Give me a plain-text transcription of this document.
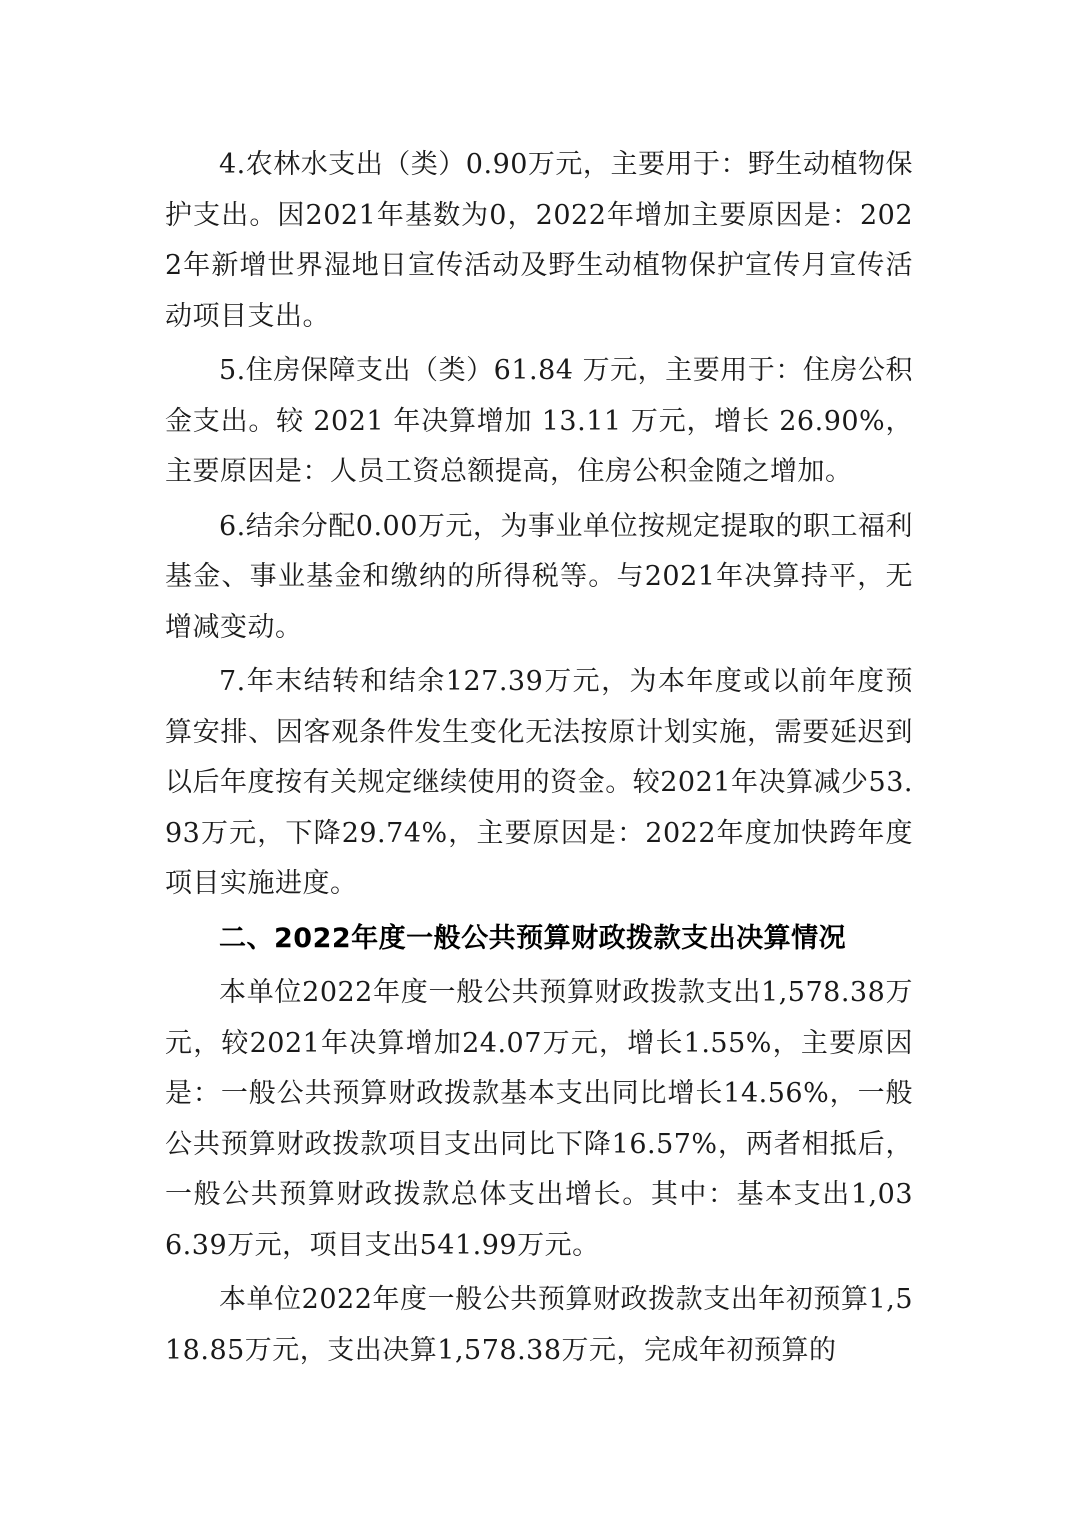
4.农林水支出（类）0.90万元，主要用于：野生动植物保护支出。因2021年基数为0，2022年增加主要原因是：2022年新增世界湿地日宣传活动及野生动植物保护宣传月宣传活动项目支出。

5.住房保障支出（类）61.84 万元，主要用于：住房公积金支出。较 2021 年决算增加 13.11 万元，增长 26.90%，主要原因是：人员工资总额提高，住房公积金随之增加。

6.结余分配0.00万元，为事业单位按规定提取的职工福利基金、事业基金和缴纳的所得税等。与2021年决算持平，无增减变动。

7.年末结转和结余127.39万元，为本年度或以前年度预算安排、因客观条件发生变化无法按原计划实施，需要延迟到以后年度按有关规定继续使用的资金。较2021年决算减少53.93万元，下降29.74%，主要原因是：2022年度加快跨年度项目实施进度。

二、2022年度一般公共预算财政拨款支出决算情况

本单位2022年度一般公共预算财政拨款支出1,578.38万元，较2021年决算增加24.07万元，增长1.55%，主要原因是：一般公共预算财政拨款基本支出同比增长14.56%，一般公共预算财政拨款项目支出同比下降16.57%，两者相抵后，一般公共预算财政拨款总体支出增长。其中：基本支出1,036.39万元，项目支出541.99万元。

本单位2022年度一般公共预算财政拨款支出年初预算1,518.85万元，支出决算1,578.38万元，完成年初预算的
